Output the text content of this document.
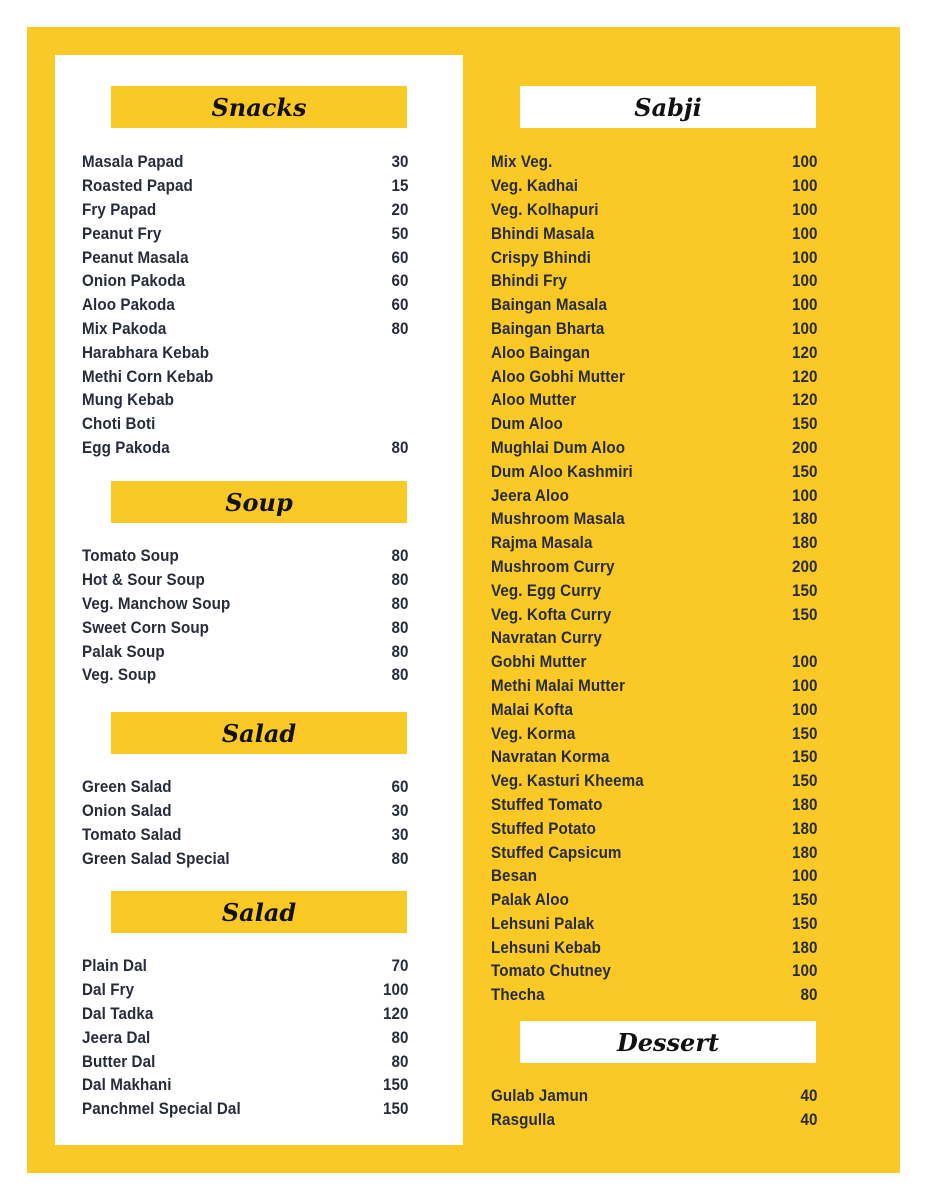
Snacks
Masala Papad	30
Roasted Papad	15
Fry Papad	20
Peanut Fry	50
Peanut Masala	60
Onion Pakoda	60
Aloo Pakoda	60
Mix Pakoda	80
Harabhara Kebab
Methi Corn Kebab
Mung Kebab
Choti Boti
Egg Pakoda	80
Soup
Tomato Soup	80
Hot & Sour Soup	80
Veg. Manchow Soup	80
Sweet Corn Soup	80
Palak Soup	80
Veg. Soup	80
Salad
Green Salad	60
Onion Salad	30
Tomato Salad	30
Green Salad Special	80
Salad
Plain Dal	70
Dal Fry	100
Dal Tadka	120
Jeera Dal	80
Butter Dal	80
Dal Makhani	150
Panchmel Special Dal	150
Sabji
Mix Veg.	100
Veg. Kadhai	100
Veg. Kolhapuri	100
Bhindi Masala	100
Crispy Bhindi	100
Bhindi Fry	100
Baingan Masala	100
Baingan Bharta	100
Aloo Baingan	120
Aloo Gobhi Mutter	120
Aloo Mutter	120
Dum Aloo	150
Mughlai Dum Aloo	200
Dum Aloo Kashmiri	150
Jeera Aloo	100
Mushroom Masala	180
Rajma Masala	180
Mushroom Curry	200
Veg. Egg Curry	150
Veg. Kofta Curry	150
Navratan Curry
Gobhi Mutter	100
Methi Malai Mutter	100
Malai Kofta	100
Veg. Korma	150
Navratan Korma	150
Veg. Kasturi Kheema	150
Stuffed Tomato	180
Stuffed Potato	180
Stuffed Capsicum	180
Besan	100
Palak Aloo	150
Lehsuni Palak	150
Lehsuni Kebab	180
Tomato Chutney	100
Thecha	80
Dessert
Gulab Jamun	40
Rasgulla	40
